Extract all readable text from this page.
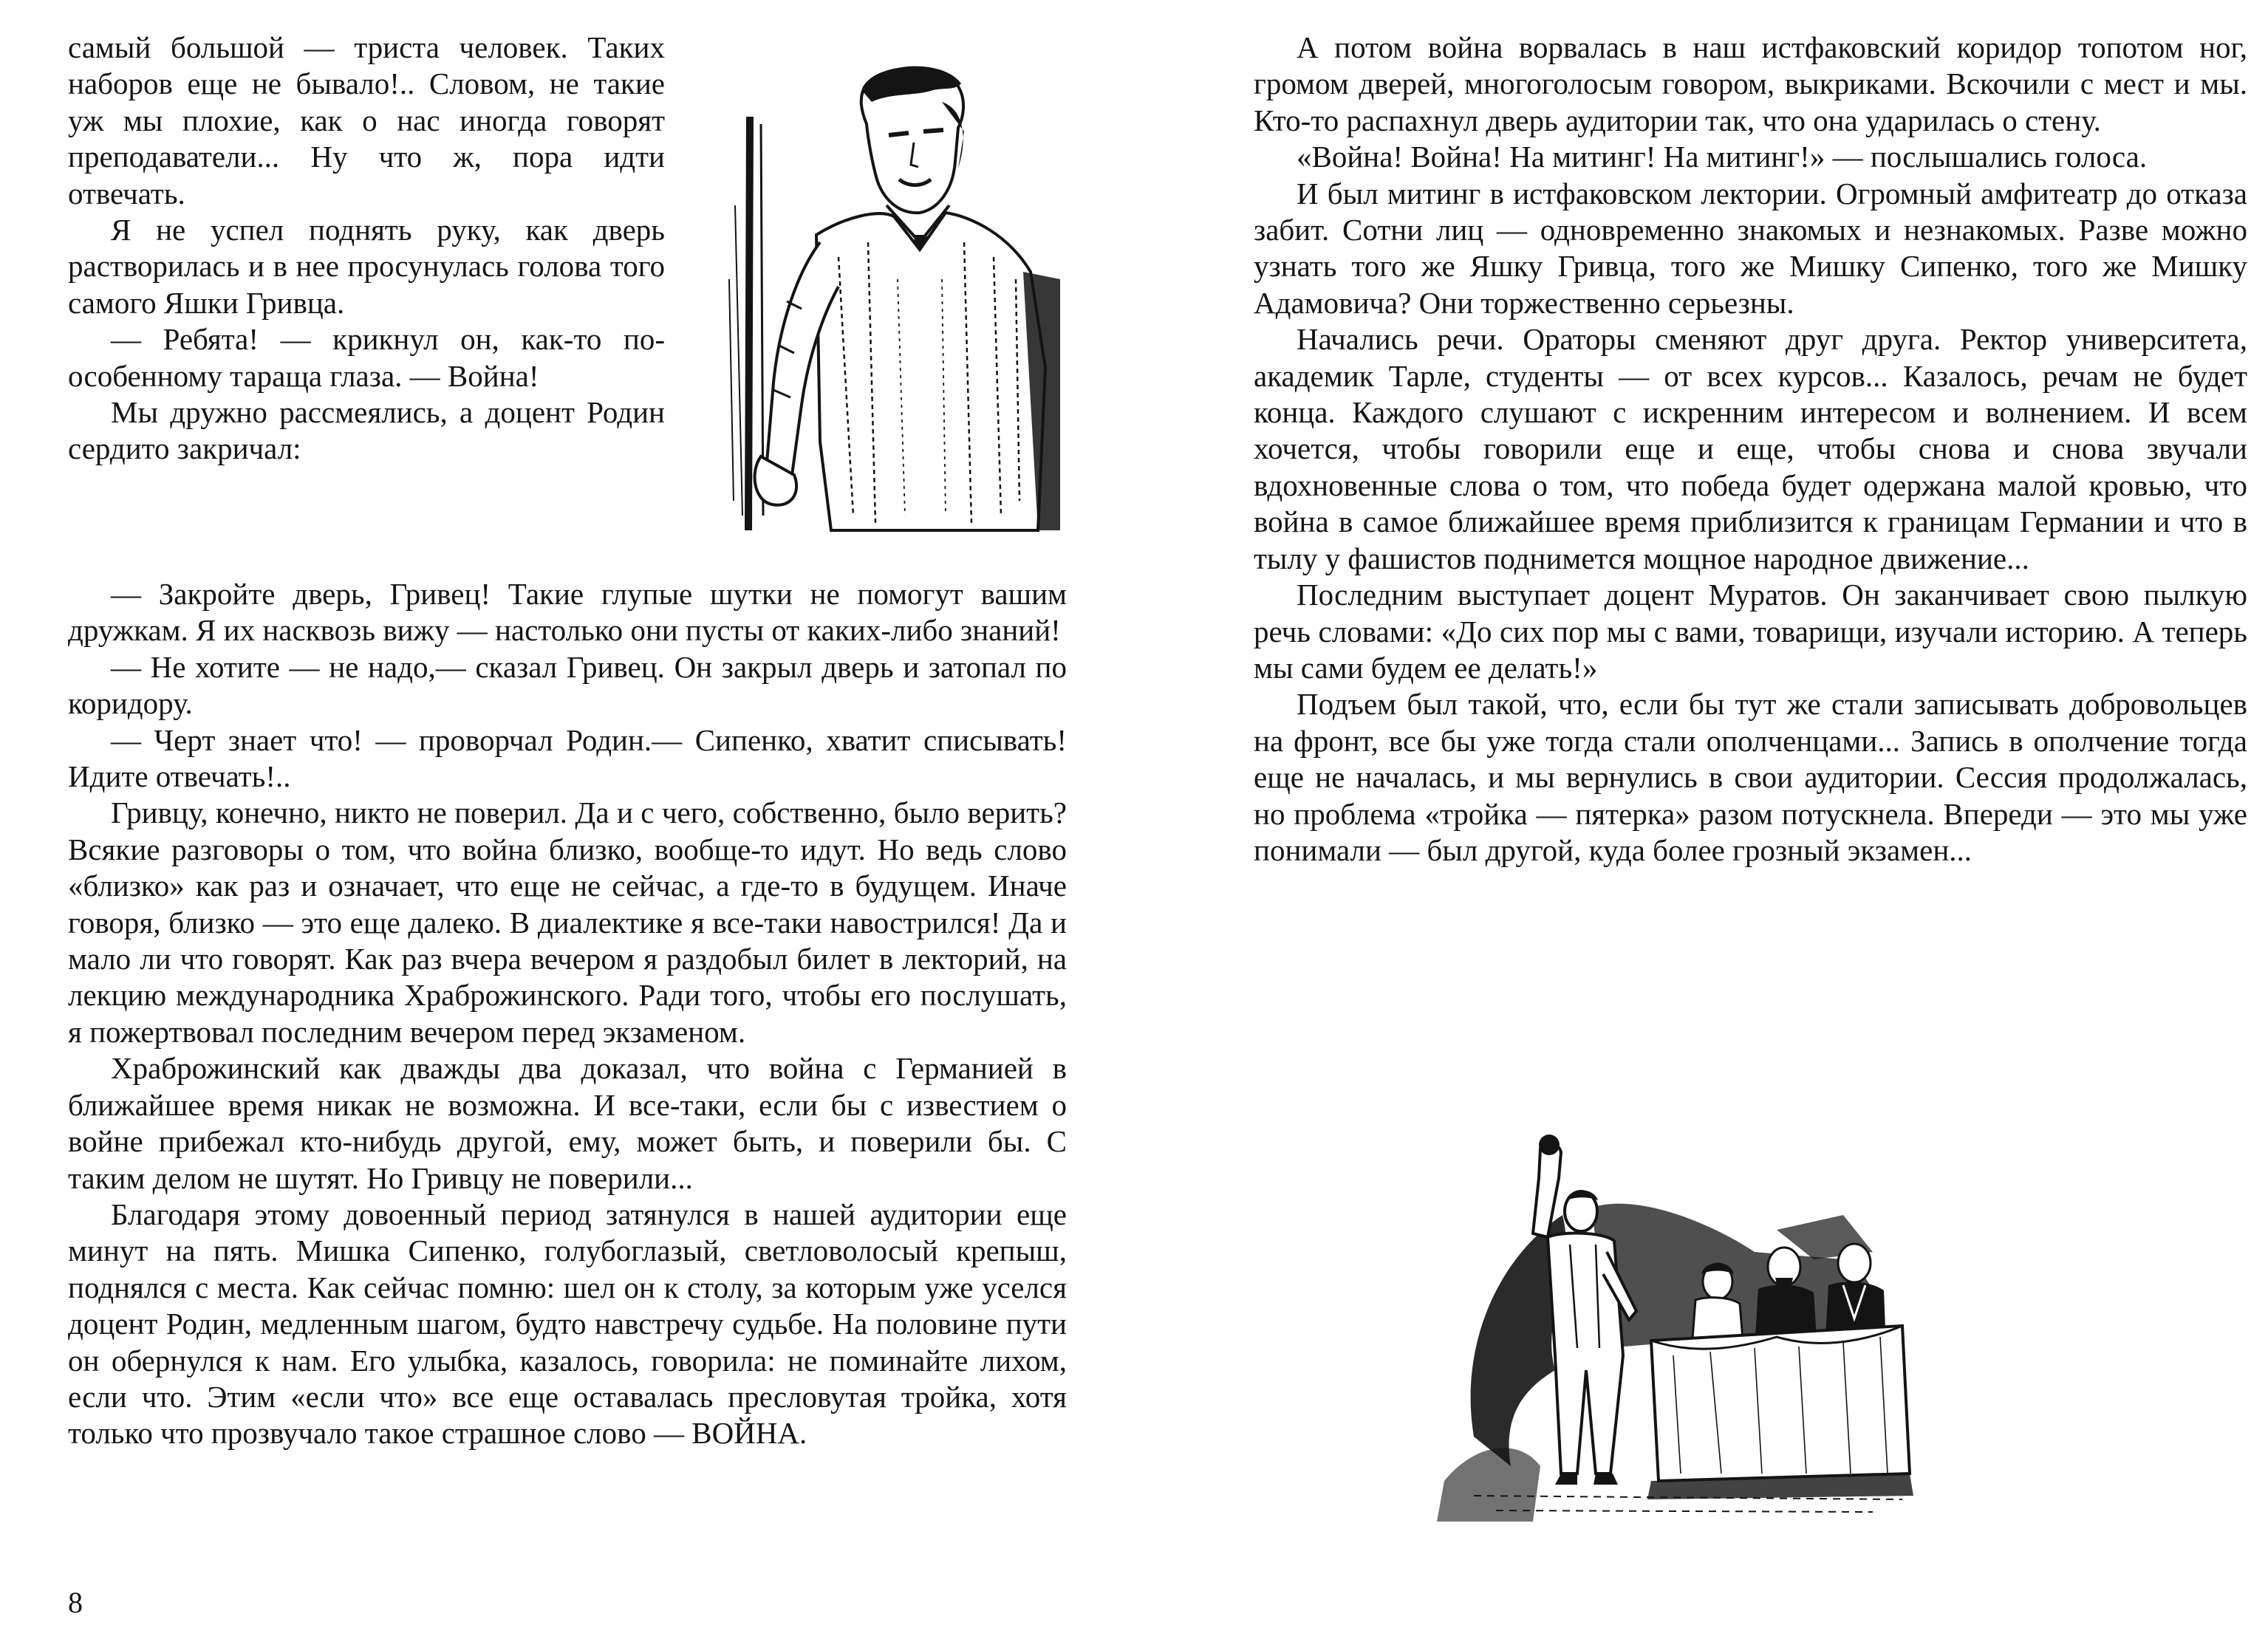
самый большой — триста человек. Таких наборов еще не бывало!.. Словом, не такие уж мы плохие, как о нас иногда говорят преподаватели... Ну что ж, пора идти отвечать.

Я не успел поднять руку, как дверь растворилась и в нее просунулась голова того самого Яшки Гривца.

— Ребята! — крикнул он, как-то по-особенному тараща глаза. — Война!

Мы дружно рассмеялись, а доцент Родин сердито закричал:

— Закройте дверь, Гривец! Такие глупые шутки не помогут вашим дружкам. Я их насквозь вижу — настолько они пусты от каких-либо знаний!

— Не хотите — не надо,— сказал Гривец. Он закрыл дверь и затопал по коридору.

— Черт знает что! — проворчал Родин.— Сипенко, хватит списывать! Идите отвечать!..

Гривцу, конечно, никто не поверил. Да и с чего, собственно, было верить? Всякие разговоры о том, что война близко, вообще-то идут. Но ведь слово «близко» как раз и означает, что еще не сейчас, а где-то в будущем. Иначе говоря, близко — это еще далеко. В диалектике я все-таки навострился! Да и мало ли что говорят. Как раз вчера вечером я раздобыл билет в лекторий, на лекцию международника Храброжинского. Ради того, чтобы его послушать, я пожертвовал последним вечером перед экзаменом.

Храброжинский как дважды два доказал, что война с Германией в ближайшее время никак не возможна. И все-таки, если бы с известием о войне прибежал кто-нибудь другой, ему, может быть, и поверили бы. С таким делом не шутят. Но Гривцу не поверили...

Благодаря этому довоенный период затянулся в нашей аудитории еще минут на пять. Мишка Сипенко, голубоглазый, светловолосый крепыш, поднялся с места. Как сейчас помню: шел он к столу, за которым уже уселся доцент Родин, медленным шагом, будто навстречу судьбе. На половине пути он обернулся к нам. Его улыбка, казалось, говорила: не поминайте лихом, если что. Этим «если что» все еще оставалась пресловутая тройка, хотя только что прозвучало такое страшное слово — ВОЙНА.

8

А потом война ворвалась в наш истфаковский коридор топотом ног, громом дверей, многоголосым говором, выкриками. Вскочили с мест и мы. Кто-то распахнул дверь аудитории так, что она ударилась о стену.

«Война! Война! На митинг! На митинг!» — послышались голоса.

И был митинг в истфаковском лектории. Огромный амфитеатр до отказа забит. Сотни лиц — одновременно знакомых и незнакомых. Разве можно узнать того же Яшку Гривца, того же Мишку Сипенко, того же Мишку Адамовича? Они торжественно серьезны.

Начались речи. Ораторы сменяют друг друга. Ректор университета, академик Тарле, студенты — от всех курсов... Казалось, речам не будет конца. Каждого слушают с искренним интересом и волнением. И всем хочется, чтобы говорили еще и еще, чтобы снова и снова звучали вдохновенные слова о том, что победа будет одержана малой кровью, что война в самое ближайшее время приблизится к границам Германии и что в тылу у фашистов поднимется мощное народное движение...

Последним выступает доцент Муратов. Он заканчивает свою пылкую речь словами: «До сих пор мы с вами, товарищи, изучали историю. А теперь мы сами будем ее делать!»

Подъем был такой, что, если бы тут же стали записывать добровольцев на фронт, все бы уже тогда стали ополченцами... Запись в ополчение тогда еще не началась, и мы вернулись в свои аудитории. Сессия продолжалась, но проблема «тройка — пятерка» разом потускнела. Впереди — это мы уже понимали — был другой, куда более грозный экзамен...
